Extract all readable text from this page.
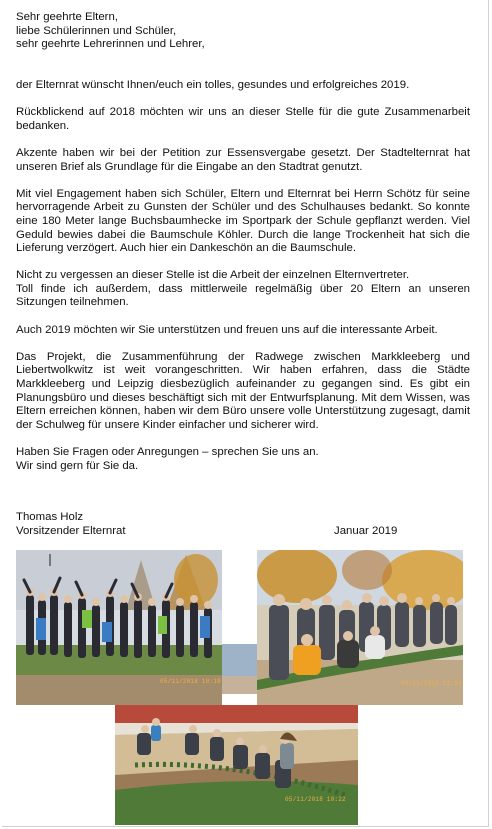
Sehr geehrte Eltern,
liebe Schülerinnen und Schüler,
sehr geehrte Lehrerinnen und Lehrer,

der Elternrat wünscht Ihnen/euch ein tolles, gesundes und erfolgreiches 2019.

Rückblickend auf 2018 möchten wir uns an dieser Stelle für die gute Zusammenarbeit bedanken.

Akzente haben wir bei der Petition zur Essensvergabe gesetzt. Der Stadtelternrat hat unseren Brief als Grundlage für die Eingabe an den Stadtrat genutzt.

Mit viel Engagement haben sich Schüler, Eltern und Elternrat bei Herrn Schötz für seine hervorragende Arbeit zu Gunsten der Schüler und des Schulhauses bedankt. So konnte eine 180 Meter lange Buchsbaumhecke im Sportpark der Schule gepflanzt werden. Viel Geduld bewies dabei die Baumschule Köhler. Durch die lange Trockenheit hat sich die Lieferung verzögert. Auch hier ein Dankeschön an die Baumschule.

Nicht zu vergessen an dieser Stelle ist die Arbeit der einzelnen Elternvertreter.
Toll finde ich außerdem, dass mittlerweile regelmäßig über 20 Eltern an unseren Sitzungen teilnehmen.

Auch 2019 möchten wir Sie unterstützen und freuen uns auf die interessante Arbeit.

Das Projekt, die Zusammenführung der Radwege zwischen Markkleeberg und Liebertwolkwitz ist weit vorangeschritten. Wir haben erfahren, dass die Städte Markkleeberg und Leipzig diesbezüglich aufeinander zu gegangen sind. Es gibt ein Planungsbüro und dieses beschäftigt sich mit der Entwurfsplanung. Mit dem Wissen, was Eltern erreichen können, haben wir dem Büro unsere volle Unterstützung zugesagt, damit der Schulweg für unsere Kinder einfacher und sicherer wird.

Haben Sie Fragen oder Anregungen – sprechen Sie uns an.
Wir sind gern für Sie da.

Thomas Holz
Vorsitzender Elternrat	Januar 2019
05/11/2018 10:19	05/11/2018 11:34
05/11/2018 10:22
